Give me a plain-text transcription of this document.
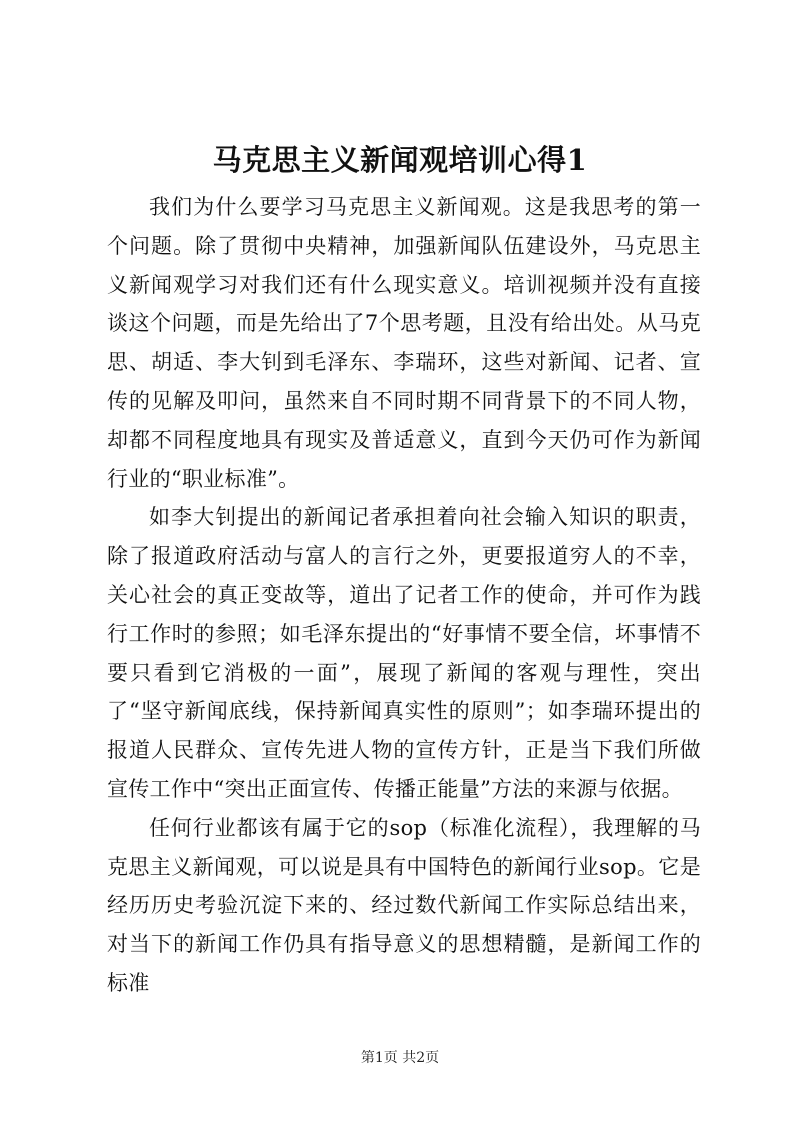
马克思主义新闻观培训心得1

我们为什么要学习马克思主义新闻观。这是我思考的第一个问题。除了贯彻中央精神，加强新闻队伍建设外，马克思主义新闻观学习对我们还有什么现实意义。培训视频并没有直接谈这个问题，而是先给出了7个思考题，且没有给出处。从马克思、胡适、李大钊到毛泽东、李瑞环，这些对新闻、记者、宣传的见解及叩问，虽然来自不同时期不同背景下的不同人物，却都不同程度地具有现实及普适意义，直到今天仍可作为新闻行业的“职业标准”。

如李大钊提出的新闻记者承担着向社会输入知识的职责，除了报道政府活动与富人的言行之外，更要报道穷人的不幸，关心社会的真正变故等，道出了记者工作的使命，并可作为践行工作时的参照；如毛泽东提出的“好事情不要全信，坏事情不要只看到它消极的一面”，展现了新闻的客观与理性，突出了“坚守新闻底线，保持新闻真实性的原则”；如李瑞环提出的报道人民群众、宣传先进人物的宣传方针，正是当下我们所做宣传工作中“突出正面宣传、传播正能量”方法的来源与依据。

任何行业都该有属于它的sop（标准化流程），我理解的马克思主义新闻观，可以说是具有中国特色的新闻行业sop。它是经历历史考验沉淀下来的、经过数代新闻工作实际总结出来，对当下的新闻工作仍具有指导意义的思想精髓，是新闻工作的标准

第1页 共2页
